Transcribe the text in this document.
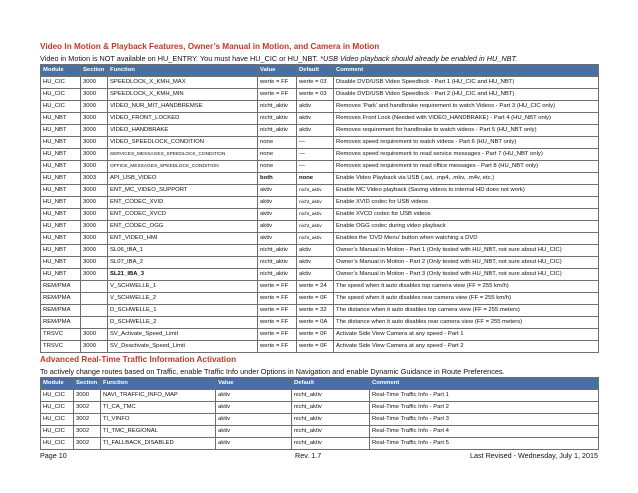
Video In Motion & Playback Features, Owner’s Manual in Motion, and Camera in Motion
Video in Motion is NOT available on HU_ENTRY. You must have HU_CIC or HU_NBT. *USB Video playback should already be enabled in HU_NBT.
Module	Section	Function	Value	Default	Comment
HU_CIC	3000	SPEEDLOCK_X_KMH_MAX	werte = FF	werte = 03	Disable DVD/USB Video Speedlock - Part 1 (HU_CIC and HU_NBT)
HU_CIC	3000	SPEEDLOCK_X_KMH_MIN	werte = FF	werte = 03	Disable DVD/USB Video Speedlock - Part 2 (HU_CIC and HU_NBT)
HU_CIC	3000	VIDEO_NUR_MIT_HANDBREMSE	nicht_aktiv	aktiv	Removes ‘Park’ and handbrake requirement to watch Videos - Part 3 (HU_CIC only)
HU_NBT	3000	VIDEO_FRONT_LOCKED	nicht_aktiv	aktiv	Removes Front Lock (Needed with VIDEO_HANDBRAKE) - Part 4 (HU_NBT only)
HU_NBT	3000	VIDEO_HANDBRAKE	nicht_aktiv	aktiv	Removes requirement for handbrake to watch videos - Part 5 (HU_NBT only)
HU_NBT	3000	VIDEO_SPEEDLOCK_CONDITION	none	—	Removes speed requirement to watch videos - Part 6 (HU_NBT only)
HU_NBT	3000	SERVICES_MESSAGES_SPEEDLOCK_CONDITION	none	—	Removes speed requirement to read service messages - Part 7 (HU_NBT only)
HU_NBT	3000	OFFICE_MESSAGES_SPEEDLOCK_CONDITION	none	—	Removes speed requirement to read office messages - Part 8 (HU_NBT only)
HU_NBT	3003	API_USB_VIDEO	both	none	Enable Video Playback via USB (.avi, .mp4, .mkv, .m4v, etc.)
HU_NBT	3000	ENT_MC_VIDEO_SUPPORT	aktiv	nicht_aktiv	Enable MC Video playback (Saving videos to internal HD does not work)
HU_NBT	3000	ENT_CODEC_XVID	aktiv	nicht_aktiv	Enable XVID codec for USB videos
HU_NBT	3000	ENT_CODEC_XVCD	aktiv	nicht_aktiv	Enable XVCD codec for USB videos
HU_NBT	3000	ENT_CODEC_OGG	aktiv	nicht_aktiv	Enable OGG codec during video playback
HU_NBT	3000	ENT_VIDEO_HMI	aktiv	nicht_aktiv	Enables the ‘DVD Menu’ button when watching a DVD
HU_NBT	3000	SL06_IBA_1	nicht_aktiv	aktiv	Owner’s Manual in Motion - Part 1 (Only tested with HU_NBT, not sure about HU_CIC)
HU_NBT	3000	SL07_IBA_2	nicht_aktiv	aktiv	Owner’s Manual in Motion - Part 2 (Only tested with HU_NBT, not sure about HU_CIC)
HU_NBT	3000	SL21_IBA_3	nicht_aktiv	aktiv	Owner’s Manual in Motion - Part 3 (Only tested with HU_NBT, not sure about HU_CIC)
REM/PMA		V_SCHWELLE_1	werte = FF	werte = 24	The speed when it auto disables top camera view (FF = 255 km/h)
REM/PMA		V_SCHWELLE_2	werte = FF	werte = 0F	The speed when it auto disables rear camera view (FF = 255 km/h)
REM/PMA		D_SCHWELLE_1	werte = FF	werte = 32	The distance when it auto disables top camera view (FF = 255 meters)
REM/PMA		D_SCHWELLE_2	werte = FF	werte = 0A	The distance when it auto disables rear camera view (FF = 255 meters)
TRSVC	3000	SV_Activate_Speed_Limit	werte = FF	werte = 0F	Activate Side View Camera at any speed - Part 1
TRSVC	3000	SV_Deactivate_Speed_Limit	werte = FF	werte = 0F	Activate Side View Camera at any speed - Part 2
Advanced Real-Time Traffic Information Activation
To actively change routes based on Traffic, enable Traffic Info under Options in Navigation and enable Dynamic Guidance in Route Preferences.
Module	Section	Function	Value	Default	Comment
HU_CIC	3000	NAVI_TRAFFIC_INFO_MAP	aktiv	nicht_aktiv	Real-Time Traffic Info - Part 1
HU_CIC	3002	TI_CA_TMC	aktiv	nicht_aktiv	Real-Time Traffic Info - Part 2
HU_CIC	3002	TI_VINFO	aktiv	nicht_aktiv	Real-Time Traffic Info - Part 3
HU_CIC	3002	TI_TMC_REGIONAL	aktiv	nicht_aktiv	Real-Time Traffic Info - Part 4
HU_CIC	3002	TI_FALLBACK_DISABLED	aktiv	nicht_aktiv	Real-Time Traffic Info - Part 5
Page 10	Rev. 1.7	Last Revised - Wednesday, July 1, 2015
